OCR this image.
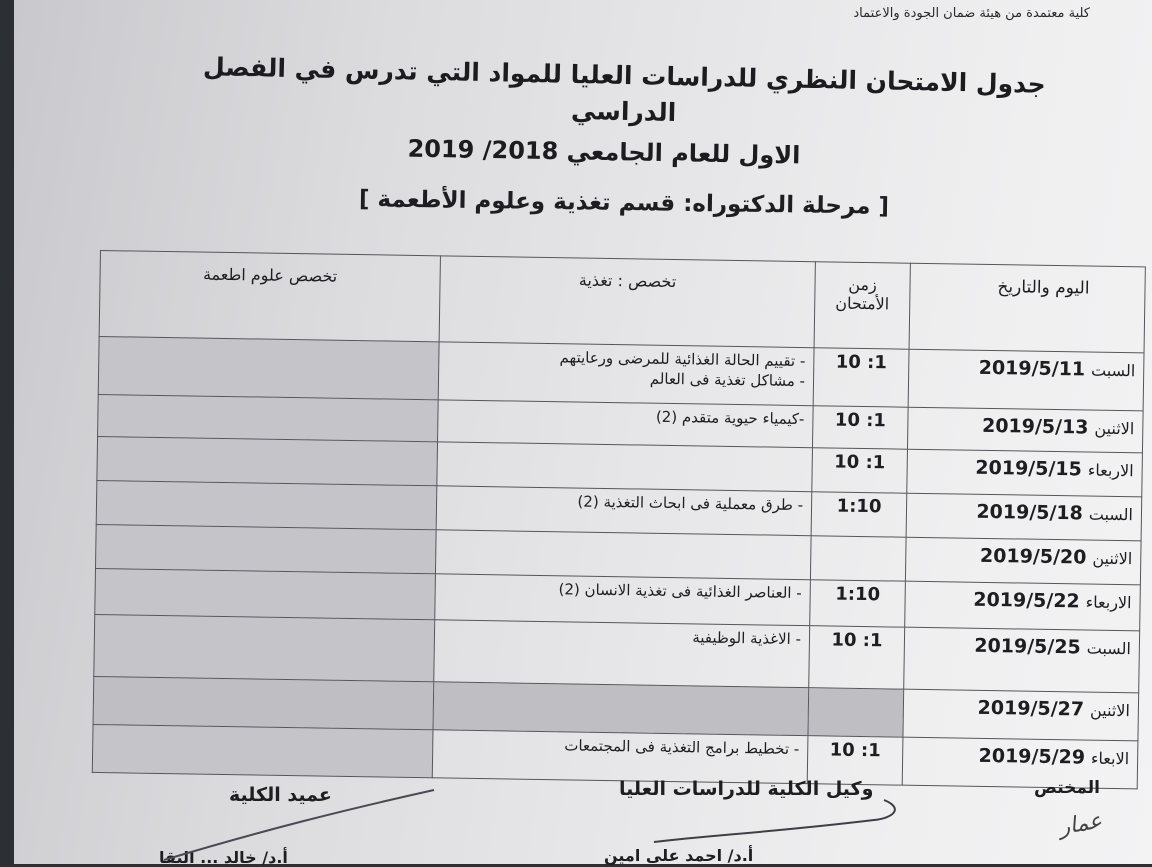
كلية معتمدة من هيئة ضمان الجودة والاعتماد
جدول الامتحان النظري للدراسات العليا للمواد التي تدرس في الفصل الدراسي
الاول للعام الجامعي 2018/ 2019
[ مرحلة الدكتوراه: قسم تغذية وعلوم الأطعمة ]
اليوم والتاريخ	زمن الأمتحان	تخصص : تغذية	تخصص علوم اطعمة
السبت2019/5/11	10 :1	- تقييم الحالة الغذائية للمرضى ورعايتهم
- مشاكل تغذية فى العالم	
الاثنين2019/5/13	10 :1	-كيمياء حيوية متقدم (2)	
الاربعاء2019/5/15	10 :1		
السبت2019/5/18	1:10	- طرق معملية فى ابحاث التغذية (2)	
الاثنين2019/5/20			
الاربعاء2019/5/22	1:10	- العناصر الغذائية فى تغذية الانسان (2)	
السبت2019/5/25	10 :1	- الاغذية الوظيفية	
الاثنين2019/5/27			
الابعاء2019/5/29	10 :1	- تخطيط برامج التغذية فى المجتمعات	
المختص
وكيل الكلية للدراسات العليا
عميد الكلية
أ.د/ احمد على امين
أ.د/ خالد ... النقا
عمار
